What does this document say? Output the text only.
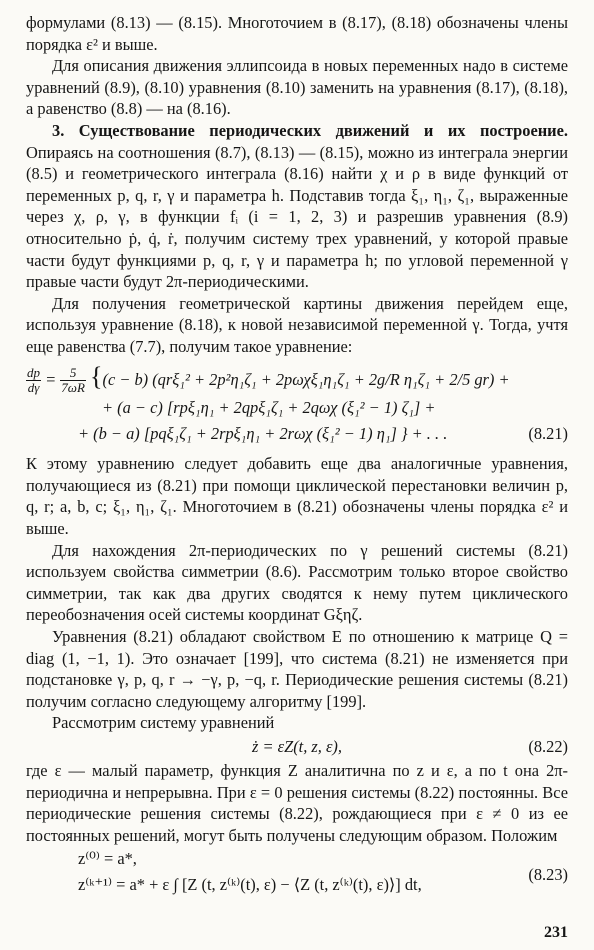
формулами (8.13) — (8.15). Многоточием в (8.17), (8.18) обозначены члены порядка ε² и выше.
Для описания движения эллипсоида в новых переменных надо в системе уравнений (8.9), (8.10) уравнения (8.10) заменить на уравнения (8.17), (8.18), а равенство (8.8) — на (8.16).
3. Существование периодических движений и их построение. Опираясь на соотношения (8.7), (8.13) — (8.15), можно из интеграла энергии (8.5) и геометрического интеграла (8.16) найти χ и ρ в виде функций от переменных p, q, r, γ и параметра h. Подставив тогда ξ₁, η₁, ζ₁, выраженные через χ, ρ, γ, в функции fᵢ (i = 1, 2, 3) и разрешив уравнения (8.9) относительно ṗ, q̇, ṙ, получим систему трех уравнений, у которой правые части будут функциями p, q, r, γ и параметра h; по угловой переменной γ правые части будут 2π-периодическими.
Для получения геометрической картины движения перейдем еще, используя уравнение (8.18), к новой независимой переменной γ. Тогда, учтя еще равенства (7.7), получим такое уравнение:
$\frac{dp}{d\gamma} = \frac{5}{7\omega R} \{(c - b) (qr\xi_1^2 + 2p^2\eta_1\zeta_1 + 2p\omega\chi\xi_1\eta_1\zeta_1 + 2g/R$ η₁ζ₁ + 2/5 gr) +
+ (a − c) [rpξ₁η₁ + 2qpξ₁ζ₁ + 2qωχ (ξ₁² − 1) ζ₁] +
+ (b − a) [pqξ₁ζ₁ + 2rpξ₁η₁ + 2rωχ (ξ₁² − 1) η₁] } + . . .	(8.21)
К этому уравнению следует добавить еще два аналогичные уравнения, получающиеся из (8.21) при помощи циклической перестановки величин p, q, r; a, b, c; ξ₁, η₁, ζ₁. Многоточием в (8.21) обозначены члены порядка ε² и выше.
Для нахождения 2π-периодических по γ решений системы (8.21) используем свойства симметрии (8.6). Рассмотрим только второе свойство симметрии, так как два других сводятся к нему путем циклического переобозначения осей системы координат Gξηζ.
Уравнения (8.21) обладают свойством E по отношению к матрице Q = diag (1, −1, 1). Это означает [199], что система (8.21) не изменяется при подстановке γ, p, q, r → −γ, p, −q, r. Периодические решения системы (8.21) получим согласно следующему алгоритму [199].
Рассмотрим систему уравнений
ż = εZ(t, z, ε),	(8.22)
где ε — малый параметр, функция Z аналитична по z и ε, а по t она 2π-периодична и непрерывна. При ε = 0 решения системы (8.22) постоянны. Все периодические решения системы (8.22), рождающиеся при ε ≠ 0 из ее постоянных решений, могут быть получены следующим образом. Положим
z⁽⁰⁾ = a*,
z⁽ᵏ⁺¹⁾ = a* + ε ∫ [Z (t, z⁽ᵏ⁾(t), ε) − ⟨Z (t, z⁽ᵏ⁾(t), ε)⟩] dt,
(8.23)
231
